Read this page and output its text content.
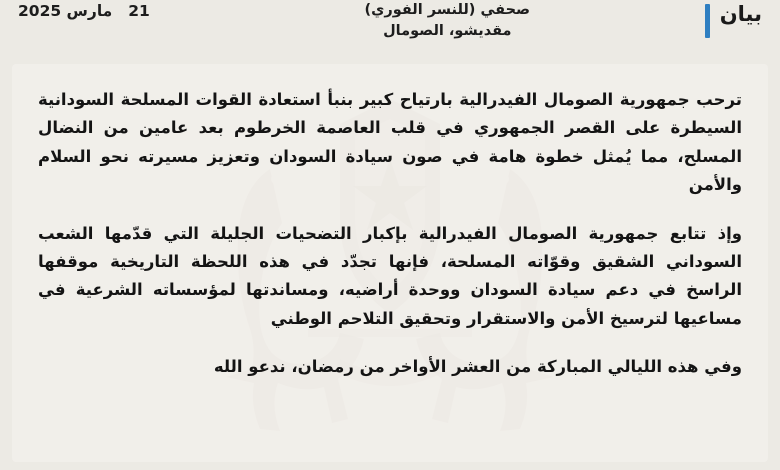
بيان
صحفي (للنسر الفوري)
مقديشو، الصومال
21
مارس 2025

ترحب جمهورية الصومال الفيدرالية بارتياح كبير بنبأ استعادة القوات المسلحة السودانية السيطرة على القصر الجمهوري في قلب العاصمة الخرطوم بعد عامين من النضال المسلح، مما يُمثل خطوة هامة في صون سيادة السودان وتعزيز مسيرته نحو السلام والأمن

وإذ تتابع جمهورية الصومال الفيدرالية بإكبار التضحيات الجليلة التي قدّمها الشعب السوداني الشقيق وقوّاته المسلحة، فإنها تجدّد في هذه اللحظة التاريخية موقفها الراسخ في دعم سيادة السودان ووحدة أراضيه، ومساندتها لمؤسساته الشرعية في مساعيها لترسيخ الأمن والاستقرار وتحقيق التلاحم الوطني

وفي هذه الليالي المباركة من العشر الأواخر من رمضان، ندعو الله
